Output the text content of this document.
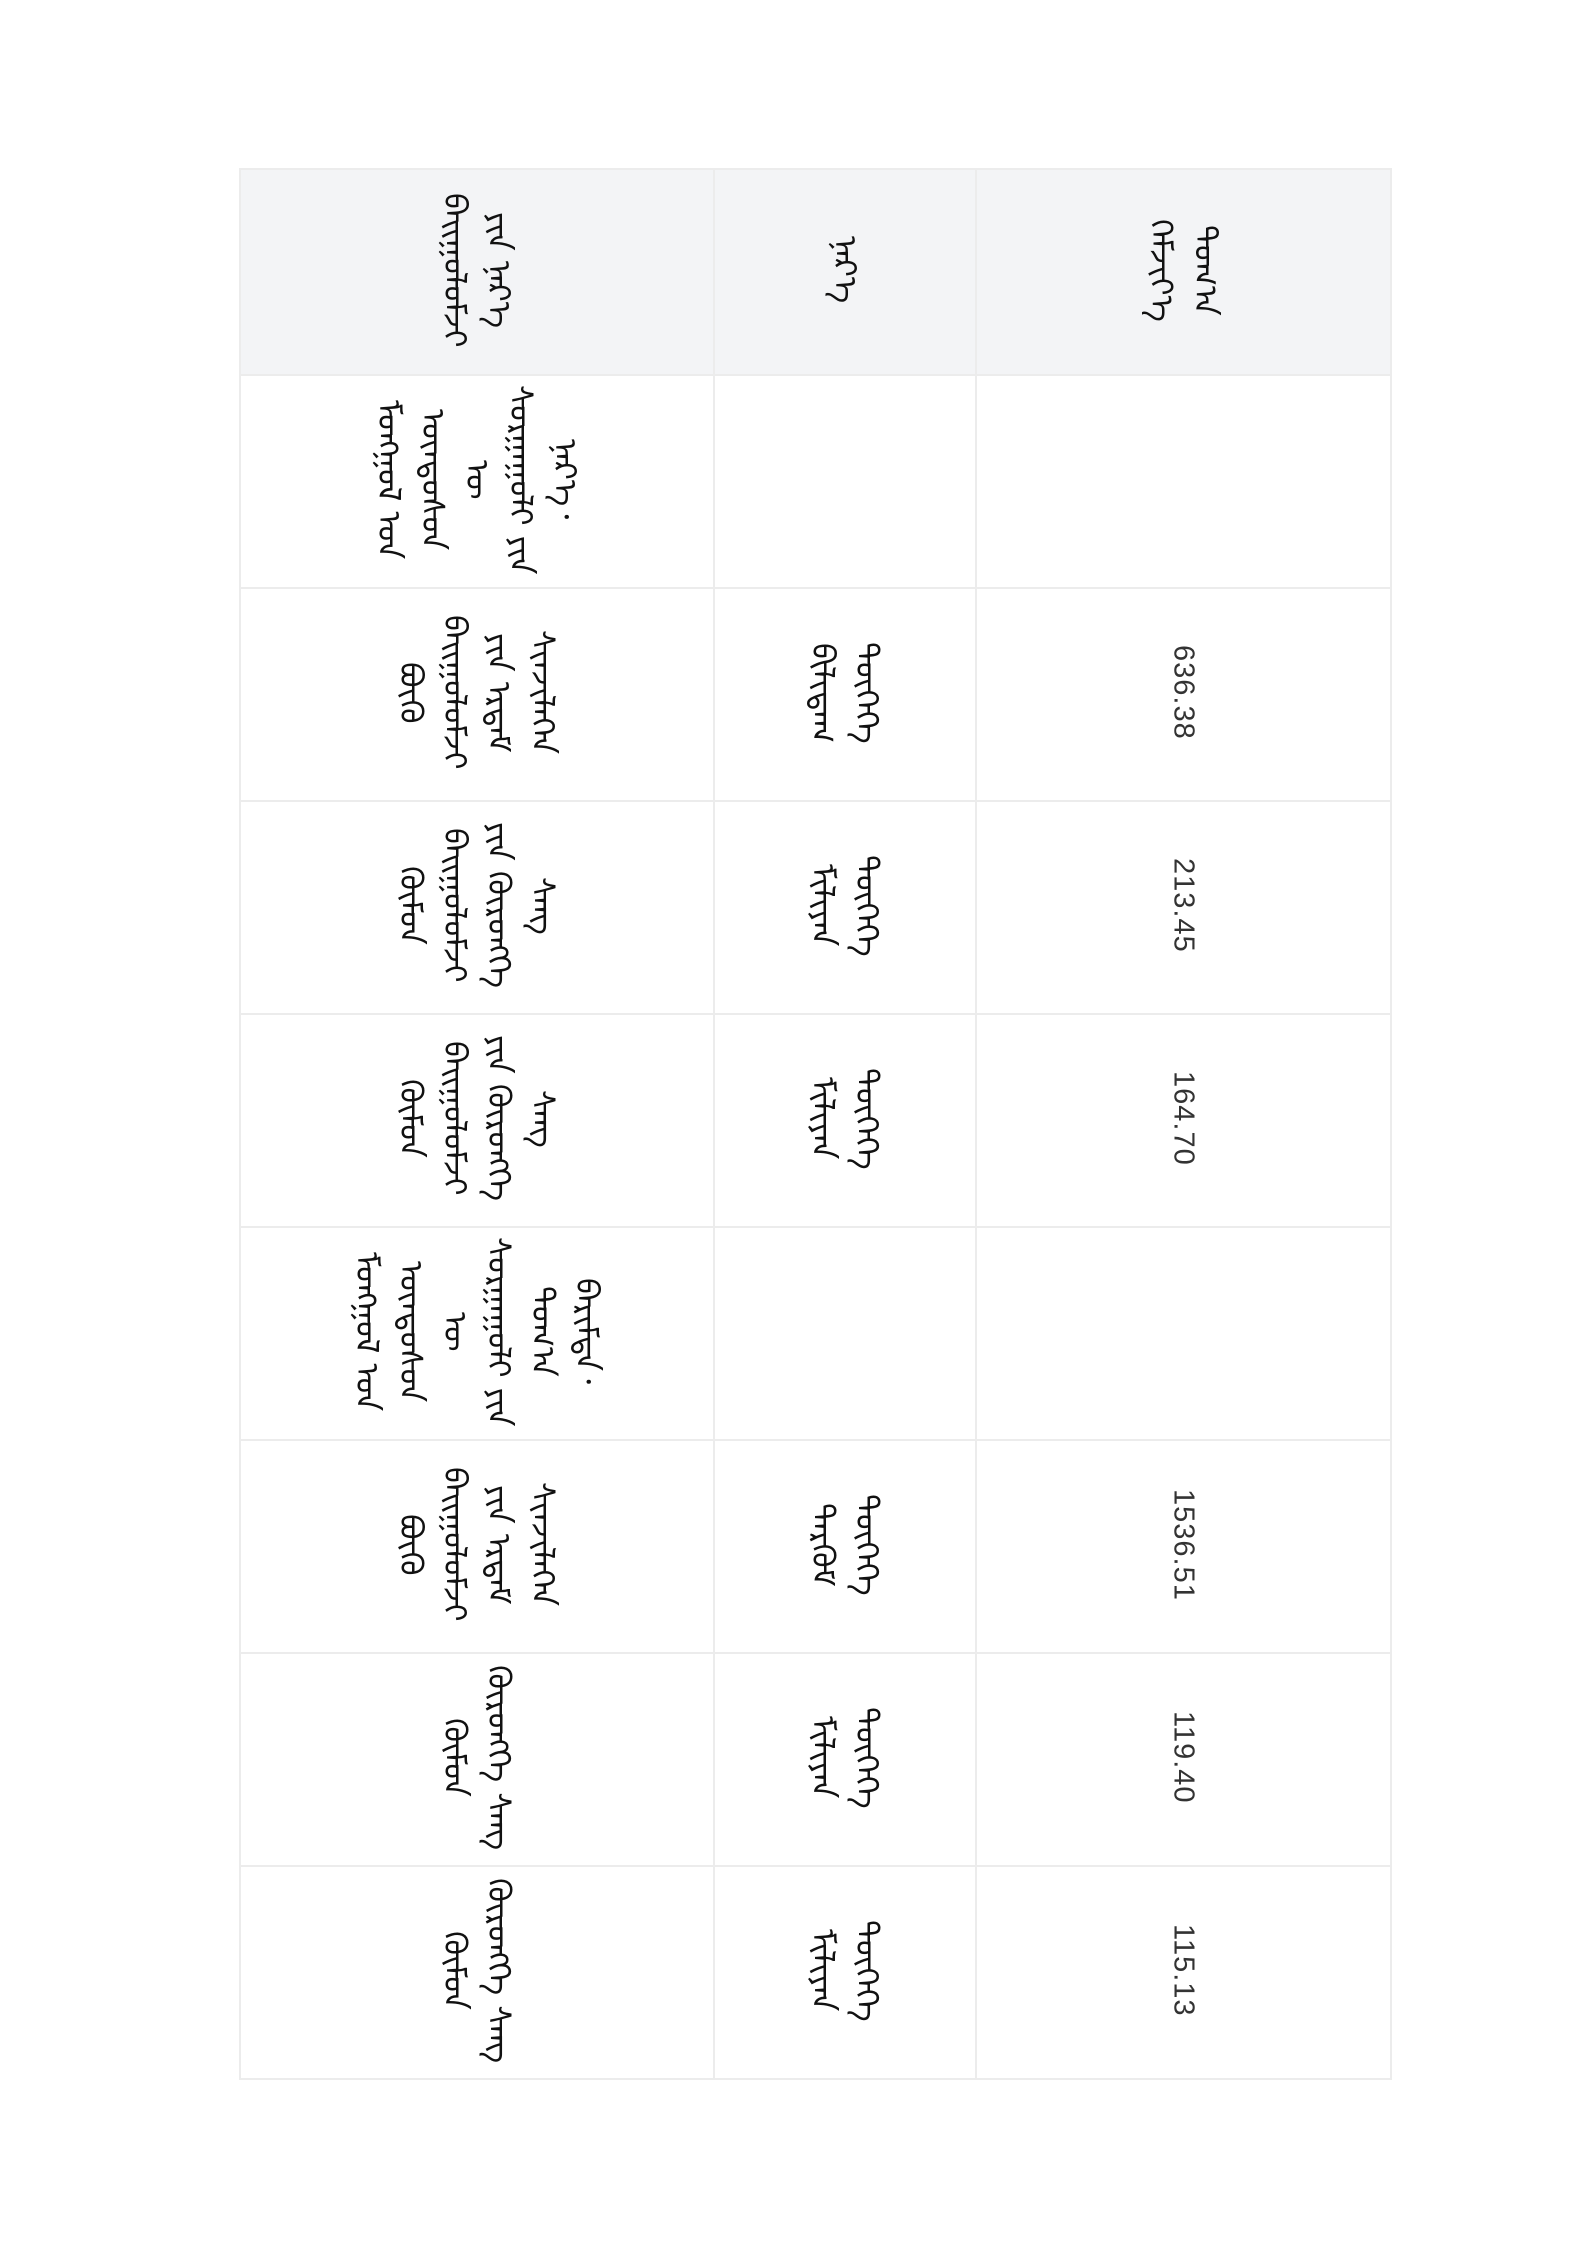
ᠪᠠᠢᠭᠤᠯᠤᠮᠵᠢ ᠶᠢᠨ ᠨᠡᠷ᠎ᠡ	ᠨᠡᠷ᠎ᠡ	ᠬᠡᠮᠵᠢᠶ᠎ᠡ ᠲᠣᠭ᠎ᠠ
ᠮᠣᠩᠭᠣᠯ ᠤᠨ ᠦᠨᠳᠦᠰᠦᠨ ᠦ ᠰᠤᠷᠭᠠᠭᠤᠯᠢ ᠶᠢᠨ ᠨᠡᠷ᠎ᠡ᠂		
ᠪᠦᠬᠦ ᠪᠠᠢᠭᠤᠯᠤᠮᠵᠢ ᠶᠢᠨ ᠡᠷᠳᠡᠮ ᠰᠢᠨᠵᠢᠯᠡᠭᠡᠨ	ᠪᠢᠯᠢᠳᠠᠭ ᠲᠦᠭᠡᠭᠡ	636.38
ᠬᠦᠮᠦᠨ ᠪᠠᠢᠭᠤᠯᠤᠮᠵᠢ ᠶᠢᠨ ᠬᠦᠷᠦᠩᠭᠡ ᠰᠠᠩ	ᠮᠢᠯᠢᠶᠠᠨ ᠲᠦᠭᠡᠭᠡ	213.45
ᠬᠦᠮᠦᠨ ᠪᠠᠢᠭᠤᠯᠤᠮᠵᠢ ᠶᠢᠨ ᠬᠦᠷᠦᠩᠭᠡ ᠰᠠᠩ	ᠮᠢᠯᠢᠶᠠᠨ ᠲᠦᠭᠡᠭᠡ	164.70
ᠮᠣᠩᠭᠣᠯ ᠤᠨ ᠦᠨᠳᠦᠰᠦᠨ ᠦ ᠰᠤᠷᠭᠠᠭᠤᠯᠢ ᠶᠢᠨ ᠲᠣᠭ᠎ᠠ ᠪᠠᠷᠢᠮᠲᠠ᠂		
ᠪᠦᠬᠦ ᠪᠠᠢᠭᠤᠯᠤᠮᠵᠢ ᠶᠢᠨ ᠡᠷᠳᠡᠮ ᠰᠢᠨᠵᠢᠯᠡᠭᠡᠨ	ᠲᠡᠷᠬᠦᠮ ᠲᠦᠭᠡᠭᠡ	1536.51
ᠬᠦᠮᠦᠨ ᠬᠦᠷᠦᠩᠭᠡ ᠰᠠᠩ	ᠮᠢᠯᠢᠶᠠᠨ ᠲᠦᠭᠡᠭᠡ	119.40
ᠬᠦᠮᠦᠨ ᠬᠦᠷᠦᠩᠭᠡ ᠰᠠᠩ	ᠮᠢᠯᠢᠶᠠᠨ ᠲᠦᠭᠡᠭᠡ	115.13
